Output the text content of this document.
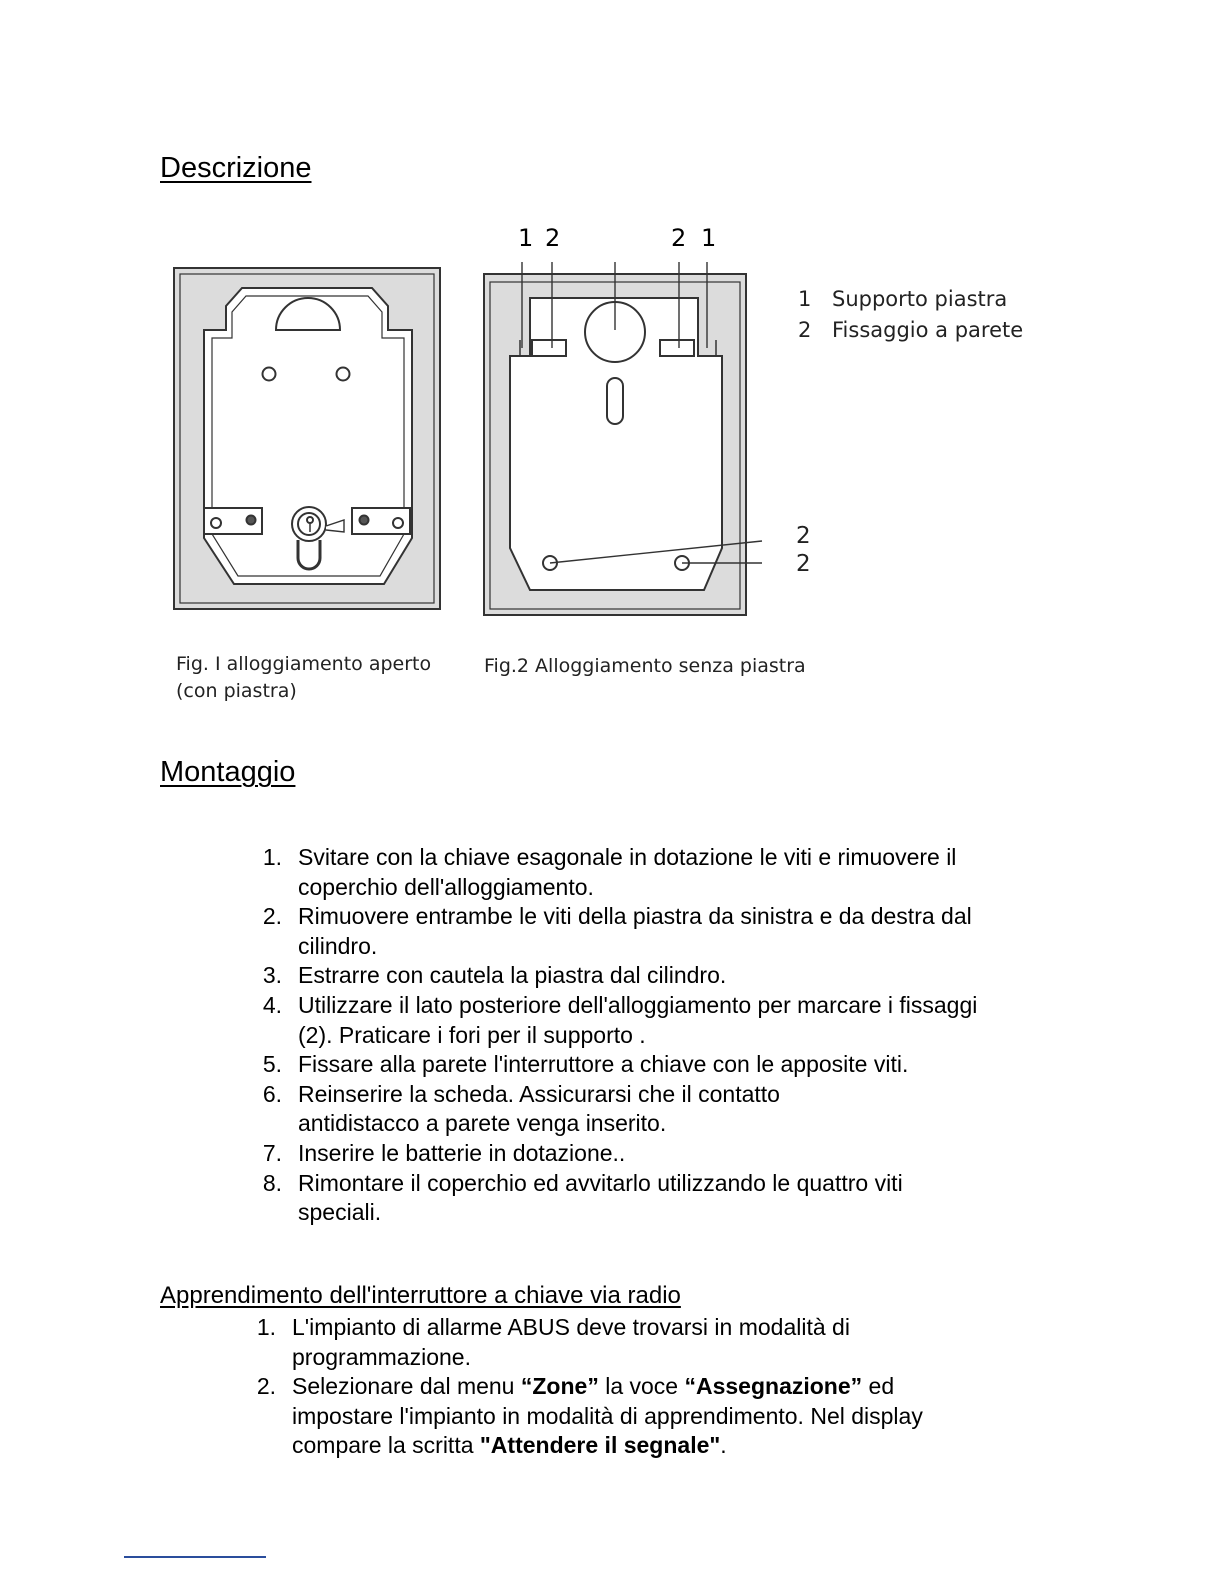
Descrizione
1 2	2 1
1 Supporto piastra
2 Fissaggio a parete
2
2
Fig. I alloggiamento aperto
(con piastra)
Fig.2 Alloggiamento senza piastra
Montaggio
1. Svitare con la chiave esagonale in dotazione le viti e rimuovere il coperchio dell'alloggiamento.
2. Rimuovere entrambe le viti della piastra da sinistra e da destra dal cilindro.
3. Estrarre con cautela la piastra dal cilindro.
4. Utilizzare il lato posteriore dell'alloggiamento per marcare i fissaggi (2). Praticare i fori per il supporto .
5. Fissare alla parete l'interruttore a chiave con le apposite viti.
6. Reinserire la scheda. Assicurarsi che il contatto antidistacco a parete venga inserito.
7. Inserire le batterie in dotazione..
8. Rimontare il coperchio ed avvitarlo utilizzando le quattro viti speciali.
Apprendimento dell'interruttore a chiave via radio
1. L'impianto di allarme ABUS deve trovarsi in modalità di programmazione.
2. Selezionare dal menu “Zone” la voce “Assegnazione” ed impostare l'impianto in modalità di apprendimento. Nel display compare la scritta "Attendere il segnale".
